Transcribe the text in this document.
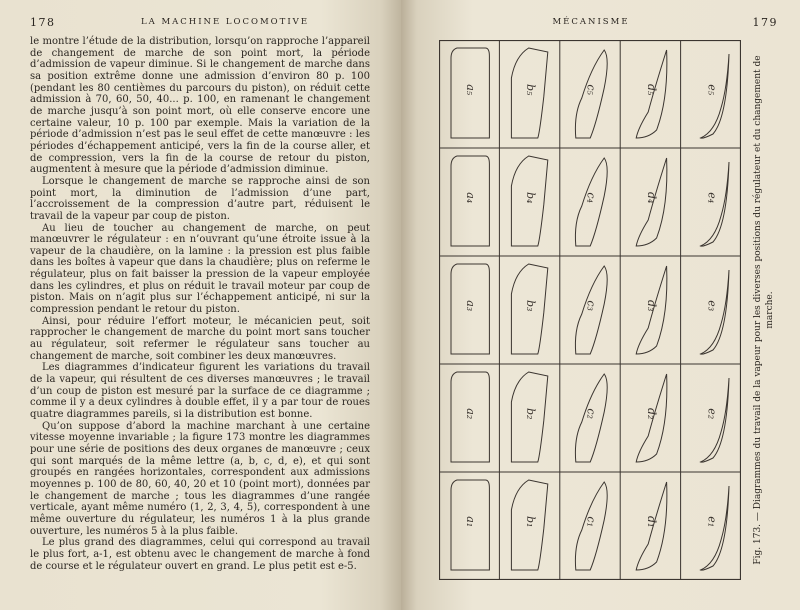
178	LA MACHINE LOCOMOTIVE

le montre l’étude de la distribution, lorsqu’on rapproche l’appareil de changement de marche de son point mort, la période d’admission de vapeur diminue. Si le changement de marche dans sa position extrême donne une admission d’environ 80 p. 100 (pendant les 80 centièmes du parcours du piston), on réduit cette admission à 70, 60, 50, 40... p. 100, en ramenant le changement de marche jusqu’à son point mort, où elle conserve encore une certaine valeur, 10 p. 100 par exemple. Mais la variation de la période d’admission n’est pas le seul effet de cette manœuvre : les périodes d’échappement anticipé, vers la fin de la course aller, et de compression, vers la fin de la course de retour du piston, augmentent à mesure que la période d’admission diminue.

Lorsque le changement de marche se rapproche ainsi de son point mort, la diminution de l’admission d’une part, l’accroissement de la compression d’autre part, réduisent le travail de la vapeur par coup de piston.

Au lieu de toucher au changement de marche, on peut manœuvrer le régulateur : en n’ouvrant qu’une étroite issue à la vapeur de la chaudière, on la lamine : la pression est plus faible dans les boîtes à vapeur que dans la chaudière; plus on referme le régulateur, plus on fait baisser la pression de la vapeur employée dans les cylindres, et plus on réduit le travail moteur par coup de piston. Mais on n’agit plus sur l’échappement anticipé, ni sur la compression pendant le retour du piston.

Ainsi, pour réduire l’effort moteur, le mécanicien peut, soit rapprocher le changement de marche du point mort sans toucher au régulateur, soit refermer le régulateur sans toucher au changement de marche, soit combiner les deux manœuvres.

Les diagrammes d’indicateur figurent les variations du travail de la vapeur, qui résultent de ces diverses manœuvres ; le travail d’un coup de piston est mesuré par la surface de ce diagramme ; comme il y a deux cylindres à double effet, il y a par tour de roues quatre diagrammes pareils, si la distribution est bonne.

Qu’on suppose d’abord la machine marchant à une certaine vitesse moyenne invariable ; la figure 173 montre les diagrammes pour une série de positions des deux organes de manœuvre ; ceux qui sont marqués de la même lettre (a, b, c, d, e), et qui sont groupés en rangées horizontales, correspondent aux admissions moyennes p. 100 de 80, 60, 40, 20 et 10 (point mort), données par le changement de marche ; tous les diagrammes d’une rangée verticale, ayant même numéro (1, 2, 3, 4, 5), correspondent à une même ouverture du régulateur, les numéros 1 à la plus grande ouverture, les numéros 5 à la plus faible.

Le plus grand des diagrammes, celui qui correspond au travail le plus fort, a-1, est obtenu avec le changement de marche à fond de course et le régulateur ouvert en grand. Le plus petit est e-5.

MÉCANISME	179
a₅	b₅	c₅	d₅	e₅
a₄	b₄	c₄	d₄	e₄
a₃	b₃	c₃	d₃	e₃
a₂	b₂	c₂	d₂	e₂
a₁	b₁	c₁	d₁	e₁	Fig. 173. — Diagrammes du travail de la vapeur pour les diverses positions du régulateur et du changement de marche.
